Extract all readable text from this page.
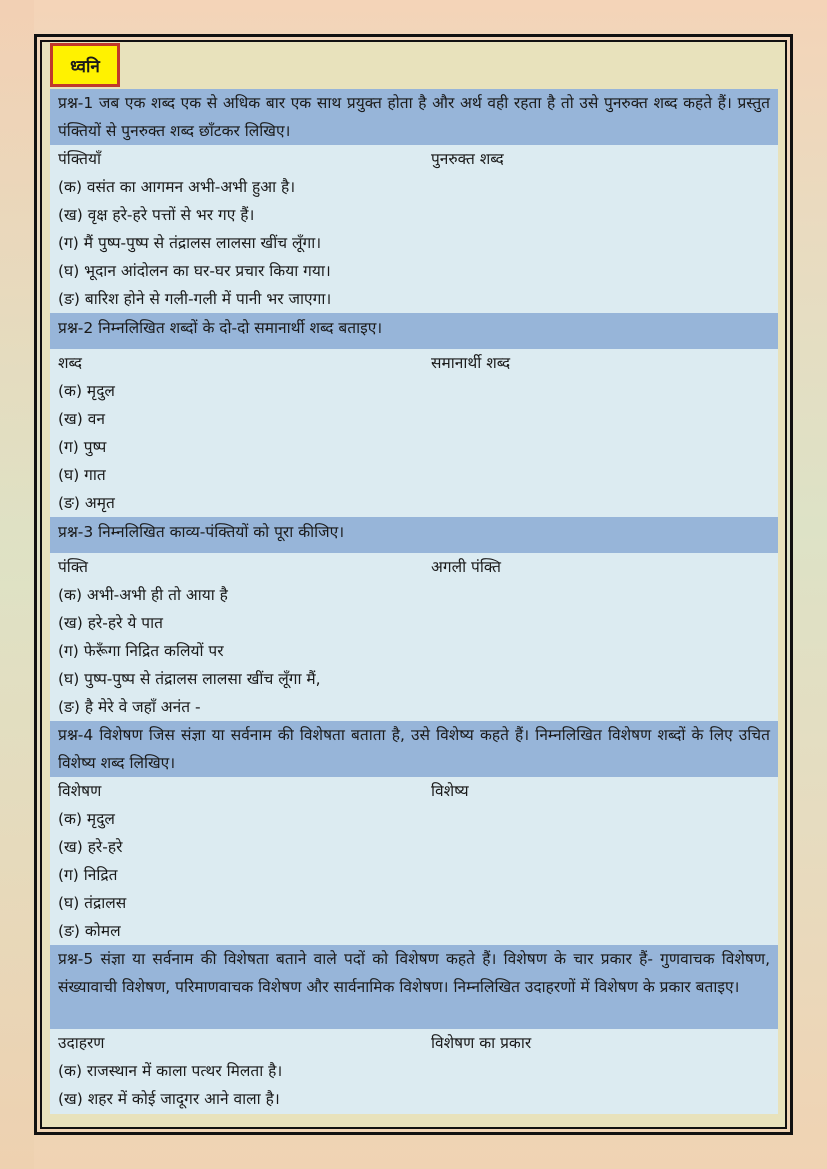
ध्वनि
प्रश्न-1 जब एक शब्द एक से अधिक बार एक साथ प्रयुक्त होता है और अर्थ वही रहता है तो उसे पुनरुक्त शब्द कहते हैं। प्रस्तुत पंक्तियों से पुनरुक्त शब्द छाँटकर लिखिए।
पंक्तियाँ	पुनरुक्त शब्द
(क) वसंत का आगमन अभी-अभी हुआ है।
(ख) वृक्ष हरे-हरे पत्तों से भर गए हैं।
(ग) मैं पुष्प-पुष्प से तंद्रालस लालसा खींच लूँगा।
(घ) भूदान आंदोलन का घर-घर प्रचार किया गया।
(ङ) बारिश होने से गली-गली में पानी भर जाएगा।
प्रश्न-2 निम्नलिखित शब्दों के दो-दो समानार्थी शब्द बताइए।
शब्द	समानार्थी शब्द
(क) मृदुल
(ख) वन
(ग) पुष्प
(घ) गात
(ङ) अमृत
प्रश्न-3 निम्नलिखित काव्य-पंक्तियों को पूरा कीजिए।
पंक्ति	अगली पंक्ति
(क) अभी-अभी ही तो आया है
(ख) हरे-हरे ये पात
(ग) फेरूँगा निद्रित कलियों पर
(घ) पुष्प-पुष्प से तंद्रालस लालसा खींच लूँगा मैं,
(ङ) है मेरे वे जहाँ अनंत -
प्रश्न-4 विशेषण जिस संज्ञा या सर्वनाम की विशेषता बताता है, उसे विशेष्य कहते हैं। निम्नलिखित विशेषण शब्दों के लिए उचित विशेष्य शब्द लिखिए।
विशेषण	विशेष्य
(क) मृदुल
(ख) हरे-हरे
(ग) निद्रित
(घ) तंद्रालस
(ङ) कोमल
प्रश्न-5 संज्ञा या सर्वनाम की विशेषता बताने वाले पदों को विशेषण कहते हैं। विशेषण के चार प्रकार हैं- गुणवाचक विशेषण, संख्यावाची विशेषण, परिमाणवाचक विशेषण और सार्वनामिक विशेषण। निम्नलिखित उदाहरणों में विशेषण के प्रकार बताइए।
उदाहरण	विशेषण का प्रकार
(क) राजस्थान में काला पत्थर मिलता है।
(ख) शहर में कोई जादूगर आने वाला है।
